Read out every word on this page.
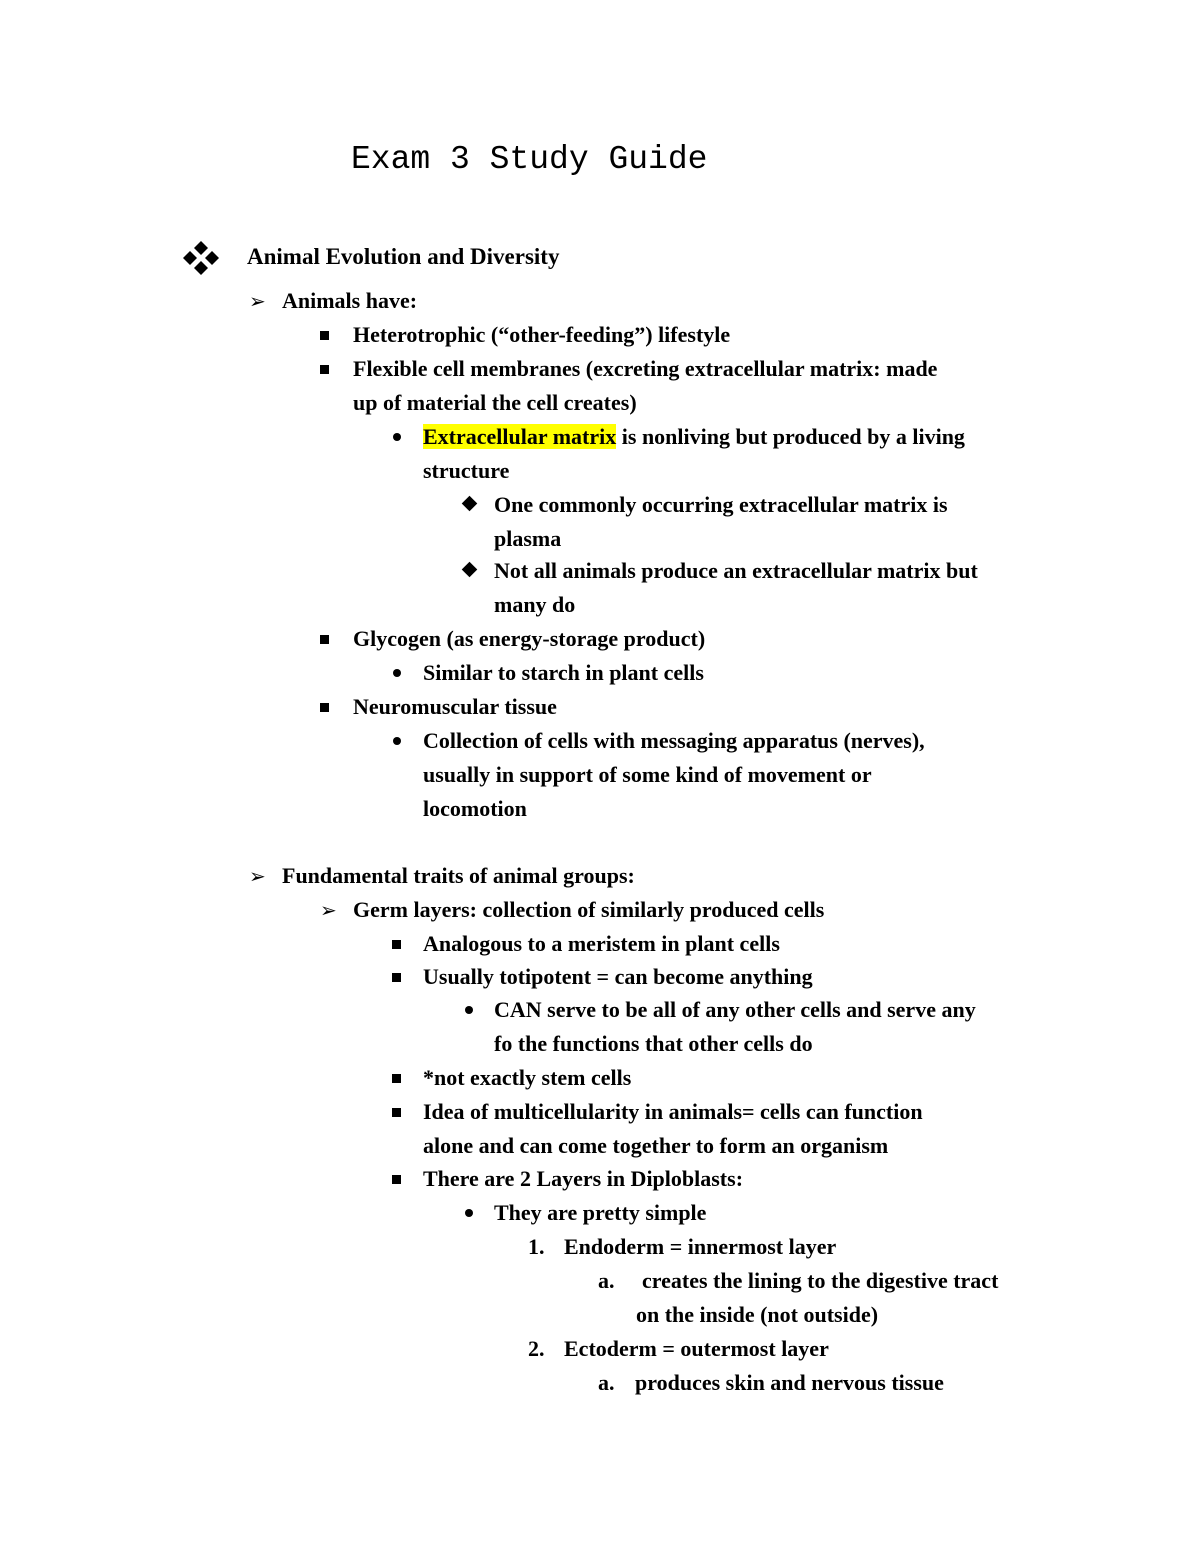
Exam 3 Study Guide
Animal Evolution and Diversity
➢
Animals have:
Heterotrophic (“other-feeding”) lifestyle
Flexible cell membranes (excreting extracellular matrix: made
up of material the cell creates)
Extracellular matrix is nonliving but produced by a living
structure
One commonly occurring extracellular matrix is
plasma
Not all animals produce an extracellular matrix but
many do
Glycogen (as energy-storage product)
Similar to starch in plant cells
Neuromuscular tissue
Collection of cells with messaging apparatus (nerves),
usually in support of some kind of movement or
locomotion
➢
Fundamental traits of animal groups:
➢
Germ layers: collection of similarly produced cells
Analogous to a meristem in plant cells
Usually totipotent = can become anything
CAN serve to be all of any other cells and serve any
fo the functions that other cells do
*not exactly stem cells
Idea of multicellularity in animals= cells can function
alone and can come together to form an organism
There are 2 Layers in Diploblasts:
They are pretty simple
1. Endoderm = innermost layer
a.	creates the lining to the digestive tract
on the inside (not outside)
2. Ectoderm = outermost layer
a. produces skin and nervous tissue
